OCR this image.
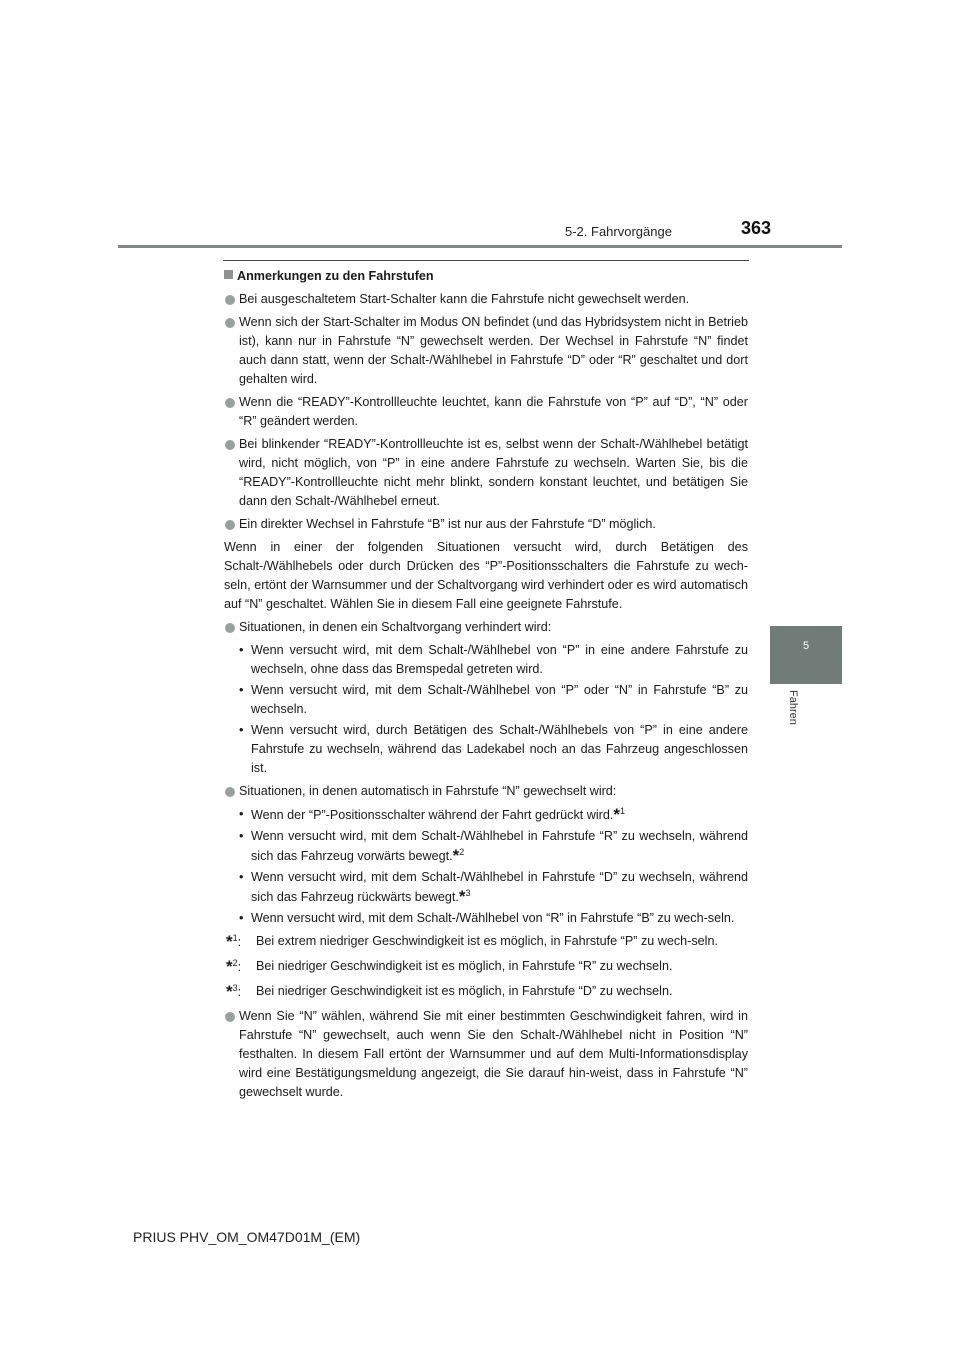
5-2. Fahrvorgänge	363
5
Fahren
Anmerkungen zu den Fahrstufen
Bei ausgeschaltetem Start-Schalter kann die Fahrstufe nicht gewechselt werden.
Wenn sich der Start-Schalter im Modus ON befindet (und das Hybridsystem nicht in Betrieb ist), kann nur in Fahrstufe “N” gewechselt werden. Der Wechsel in Fahrstufe “N” findet auch dann statt, wenn der Schalt-/Wählhebel in Fahrstufe “D” oder “R” geschaltet und dort gehalten wird.
Wenn die “READY”-Kontrollleuchte leuchtet, kann die Fahrstufe von “P” auf “D”, “N” oder “R” geändert werden.
Bei blinkender “READY”-Kontrollleuchte ist es, selbst wenn der Schalt-/Wählhebel betätigt wird, nicht möglich, von “P” in eine andere Fahrstufe zu wechseln. Warten Sie, bis die “READY”-Kontrollleuchte nicht mehr blinkt, sondern konstant leuchtet, und betätigen Sie dann den Schalt-/Wählhebel erneut.
Ein direkter Wechsel in Fahrstufe “B” ist nur aus der Fahrstufe “D” möglich.
Wenn in einer der folgenden Situationen versucht wird, durch Betätigen des Schalt-/Wählhebels oder durch Drücken des “P”-Positionsschalters die Fahrstufe zu wech-seln, ertönt der Warnsummer und der Schaltvorgang wird verhindert oder es wird automatisch auf “N” geschaltet. Wählen Sie in diesem Fall eine geeignete Fahrstufe.
Situationen, in denen ein Schaltvorgang verhindert wird:
• Wenn versucht wird, mit dem Schalt-/Wählhebel von “P” in eine andere Fahrstufe zu wechseln, ohne dass das Bremspedal getreten wird.
• Wenn versucht wird, mit dem Schalt-/Wählhebel von “P” oder “N” in Fahrstufe “B” zu wechseln.
• Wenn versucht wird, durch Betätigen des Schalt-/Wählhebels von “P” in eine andere Fahrstufe zu wechseln, während das Ladekabel noch an das Fahrzeug angeschlossen ist.
Situationen, in denen automatisch in Fahrstufe “N” gewechselt wird:
• Wenn der “P”-Positionsschalter während der Fahrt gedrückt wird.*$^1$
• Wenn versucht wird, mit dem Schalt-/Wählhebel in Fahrstufe “R” zu wechseln, während sich das Fahrzeug vorwärts bewegt.*$^2$
• Wenn versucht wird, mit dem Schalt-/Wählhebel in Fahrstufe “D” zu wechseln, während sich das Fahrzeug rückwärts bewegt.*$^3$
• Wenn versucht wird, mit dem Schalt-/Wählhebel von “R” in Fahrstufe “B” zu wech-seln.
*$^1$: Bei extrem niedriger Geschwindigkeit ist es möglich, in Fahrstufe “P” zu wech-seln.
*$^2$: Bei niedriger Geschwindigkeit ist es möglich, in Fahrstufe “R” zu wechseln.
*$^3$: Bei niedriger Geschwindigkeit ist es möglich, in Fahrstufe “D” zu wechseln.
Wenn Sie “N” wählen, während Sie mit einer bestimmten Geschwindigkeit fahren, wird in Fahrstufe “N” gewechselt, auch wenn Sie den Schalt-/Wählhebel nicht in Position “N” festhalten. In diesem Fall ertönt der Warnsummer und auf dem Multi-Informationsdisplay wird eine Bestätigungsmeldung angezeigt, die Sie darauf hin-weist, dass in Fahrstufe “N” gewechselt wurde.
PRIUS PHV_OM_OM47D01M_(EM)
